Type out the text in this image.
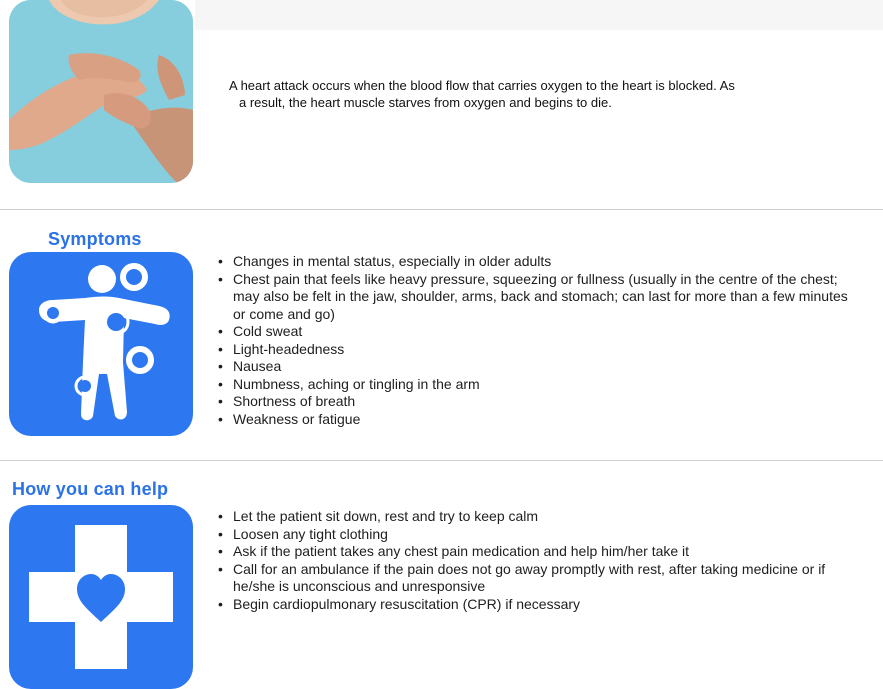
A heart attack occurs when the blood flow that carries oxygen to the heart is blocked. As
a result, the heart muscle starves from oxygen and begins to die.
Symptoms
• Changes in mental status, especially in older adults
• Chest pain that feels like heavy pressure, squeezing or fullness (usually in the centre of the chest; may also be felt in the jaw, shoulder, arms, back and stomach; can last for more than a few minutes or come and go)
• Cold sweat
• Light-headedness
• Nausea
• Numbness, aching or tingling in the arm
• Shortness of breath
• Weakness or fatigue
How you can help
• Let the patient sit down, rest and try to keep calm
• Loosen any tight clothing
• Ask if the patient takes any chest pain medication and help him/her take it
• Call for an ambulance if the pain does not go away promptly with rest, after taking medicine or if he/she is unconscious and unresponsive
• Begin cardiopulmonary resuscitation (CPR) if necessary
